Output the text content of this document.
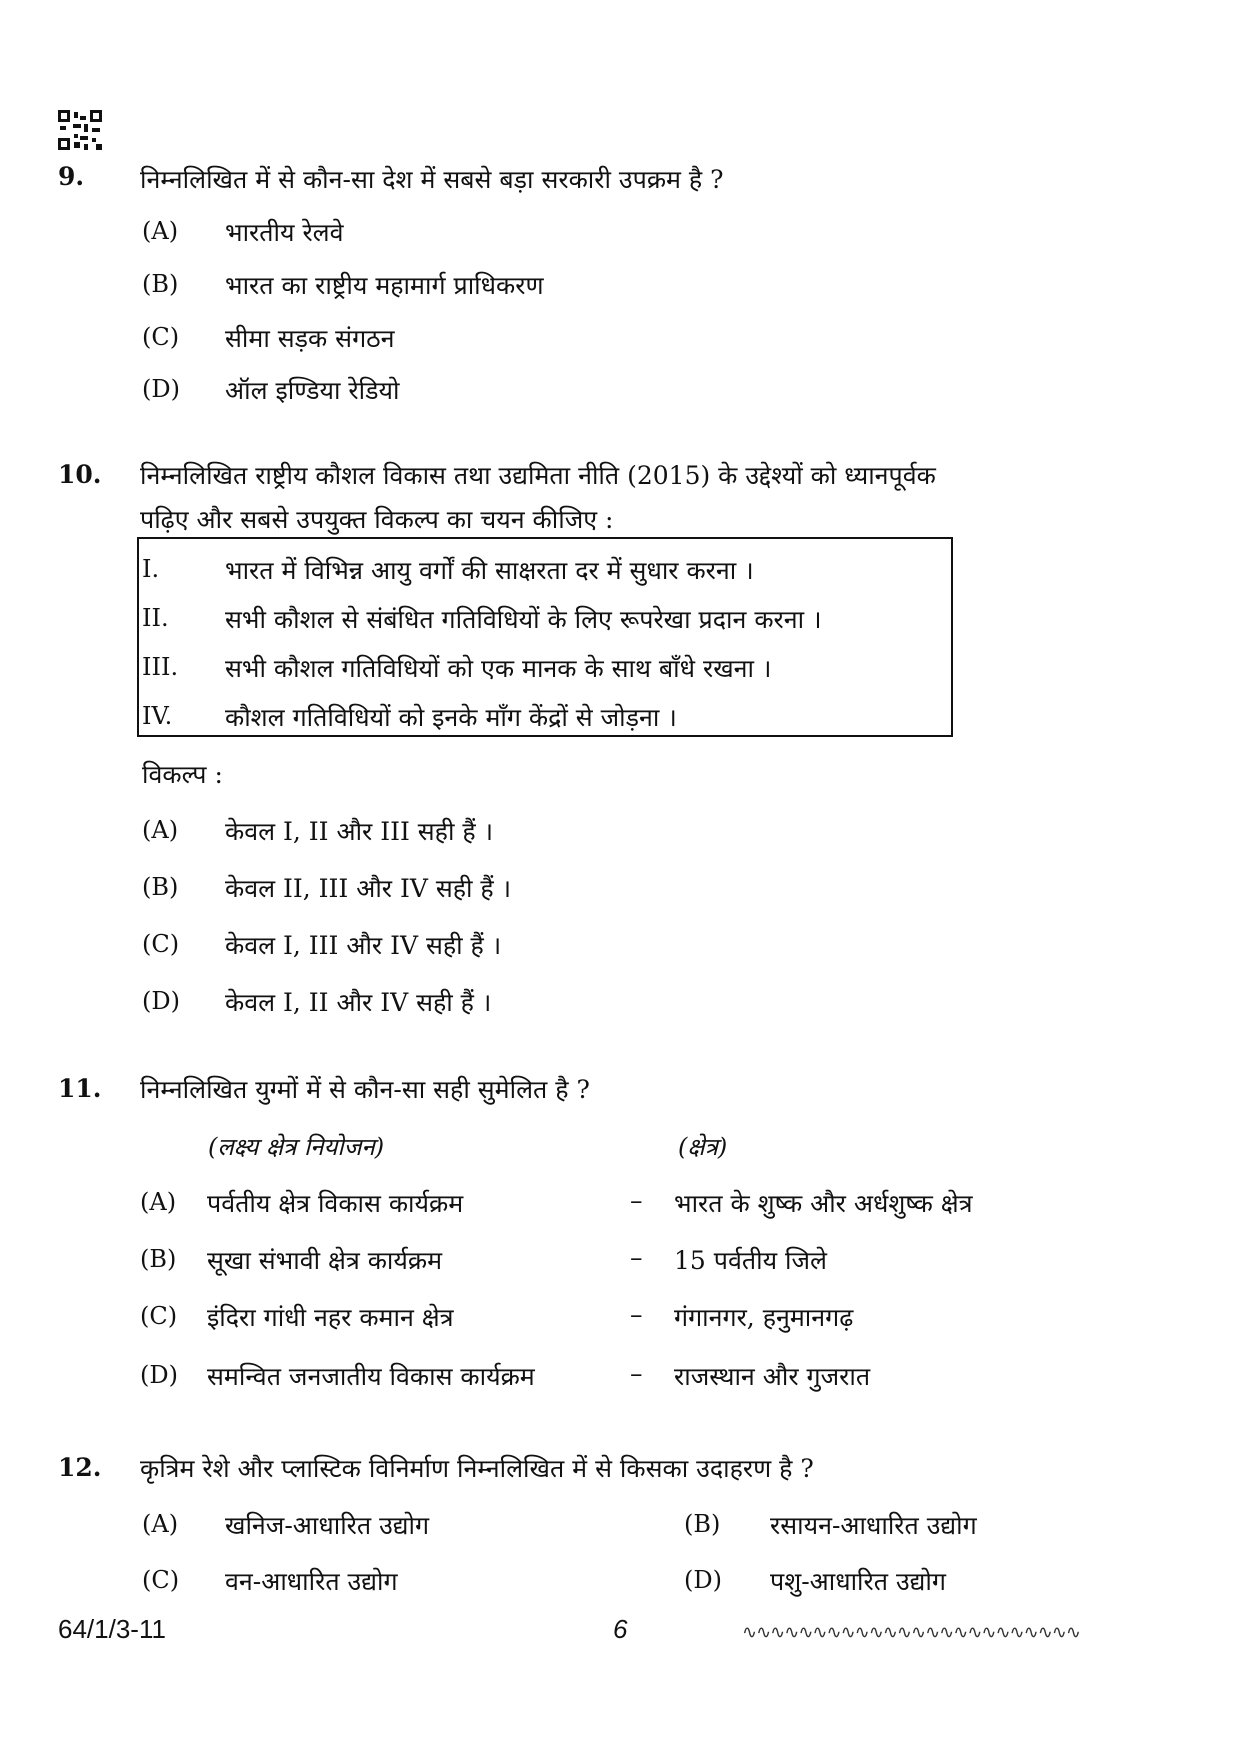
9. निम्नलिखित में से कौन-सा देश में सबसे बड़ा सरकारी उपक्रम है ?
(A) भारतीय रेलवे
(B) भारत का राष्ट्रीय महामार्ग प्राधिकरण
(C) सीमा सड़क संगठन
(D) ऑल इण्डिया रेडियो
10. निम्नलिखित राष्ट्रीय कौशल विकास तथा उद्यमिता नीति (2015) के उद्देश्यों को ध्यानपूर्वक
पढ़िए और सबसे उपयुक्त विकल्प का चयन कीजिए :
I.	भारत में विभिन्न आयु वर्गों की साक्षरता दर में सुधार करना ।
II. सभी कौशल से संबंधित गतिविधियों के लिए रूपरेखा प्रदान करना ।
III. सभी कौशल गतिविधियों को एक मानक के साथ बाँधे रखना ।
IV. कौशल गतिविधियों को इनके माँग केंद्रों से जोड़ना ।
विकल्प :
(A) केवल I, II और III सही हैं ।
(B) केवल II, III और IV सही हैं ।
(C) केवल I, III और IV सही हैं ।
(D) केवल I, II और IV सही हैं ।
11. निम्नलिखित युग्मों में से कौन-सा सही सुमेलित है ?
(लक्ष्य क्षेत्र नियोजन)	(क्षेत्र)
(A) पर्वतीय क्षेत्र विकास कार्यक्रम	– भारत के शुष्क और अर्धशुष्क क्षेत्र
(B) सूखा संभावी क्षेत्र कार्यक्रम	– 15 पर्वतीय जिले
(C) इंदिरा गांधी नहर कमान क्षेत्र	– गंगानगर, हनुमानगढ़
(D) समन्वित जनजातीय विकास कार्यक्रम	– राजस्थान और गुजरात
12. कृत्रिम रेशे और प्लास्टिक विनिर्माण निम्नलिखित में से किसका उदाहरण है ?
(A) खनिज-आधारित उद्योग	(B) रसायन-आधारित उद्योग
(C) वन-आधारित उद्योग	(D) पशु-आधारित उद्योग
64/1/3-11	6	∿∿∿∿∿∿∿∿∿∿∿∿∿∿∿∿∿∿∿∿∿∿∿∿
